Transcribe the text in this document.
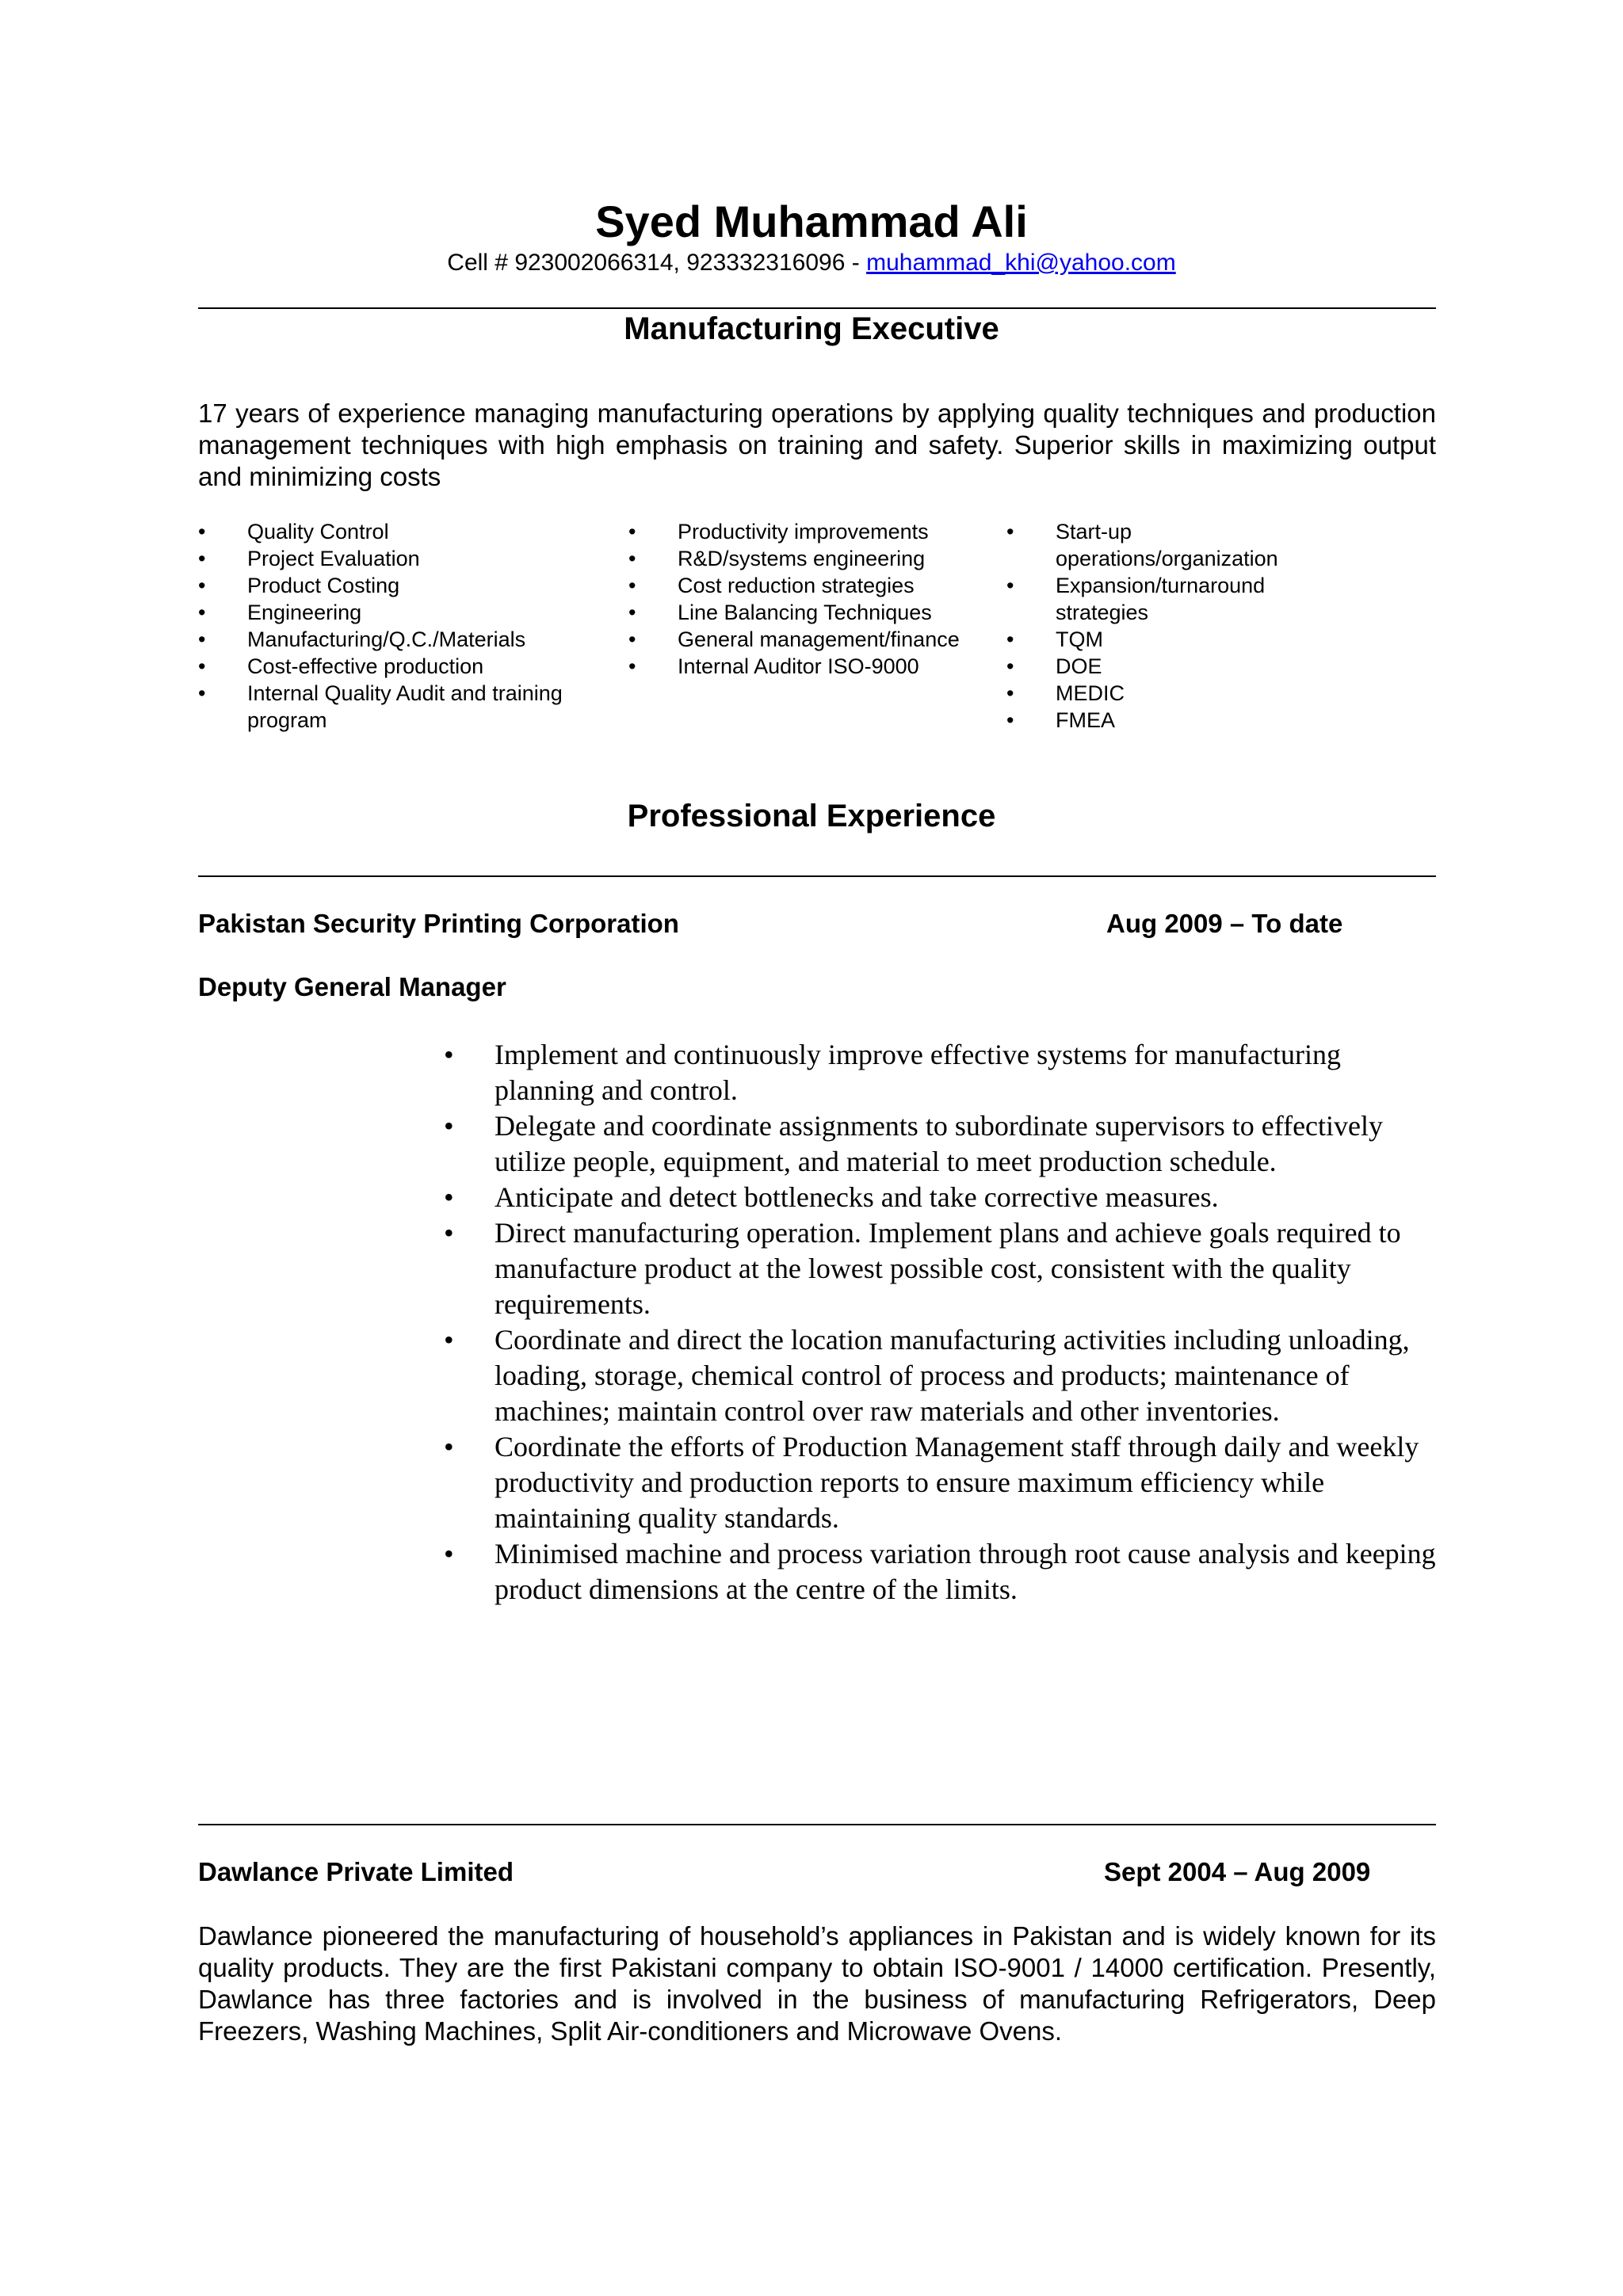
Syed Muhammad Ali
Cell # 923002066314, 923332316096 - muhammad_khi@yahoo.com
Manufacturing Executive
17 years of experience managing manufacturing operations by applying quality techniques and production management techniques with high emphasis on training and safety. Superior skills in maximizing output and minimizing costs
• Quality Control
• Project Evaluation
• Product Costing
• Engineering
• Manufacturing/Q.C./Materials
• Cost-effective production
• Internal Quality Audit and training program
• Productivity improvements
• R&D/systems engineering
• Cost reduction strategies
• Line Balancing Techniques
• General management/finance
• Internal Auditor ISO-9000
• Start-up operations/organization
• Expansion/turnaround strategies
• TQM
• DOE
• MEDIC
• FMEA
Professional Experience
Pakistan Security Printing Corporation	Aug 2009 – To date
Deputy General Manager
• Implement and continuously improve effective systems for manufacturing planning and control.
• Delegate and coordinate assignments to subordinate supervisors to effectively utilize people, equipment, and material to meet production schedule.
• Anticipate and detect bottlenecks and take corrective measures.
• Direct manufacturing operation. Implement plans and achieve goals required to manufacture product at the lowest possible cost, consistent with the quality requirements.
• Coordinate and direct the location manufacturing activities including unloading, loading, storage, chemical control of process and products; maintenance of machines; maintain control over raw materials and other inventories.
• Coordinate the efforts of Production Management staff through daily and weekly productivity and production reports to ensure maximum efficiency while maintaining quality standards.
• Minimised machine and process variation through root cause analysis and keeping product dimensions at the centre of the limits.
Dawlance Private Limited	Sept 2004 – Aug 2009
Dawlance pioneered the manufacturing of household’s appliances in Pakistan and is widely known for its quality products. They are the first Pakistani company to obtain ISO-9001 / 14000 certification. Presently, Dawlance has three factories and is involved in the business of manufacturing Refrigerators, Deep Freezers, Washing Machines, Split Air-conditioners and Microwave Ovens.
